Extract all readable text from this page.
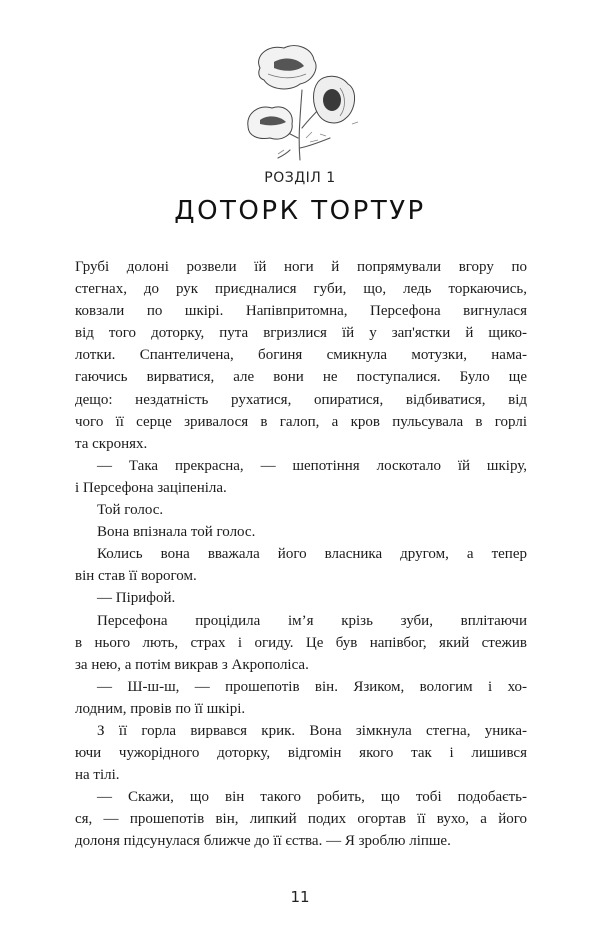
РОЗДІЛ 1
ДОТОРК ТОРТУР
Грубі долоні розвели їй ноги й попрямували вгору по
стегнах, до рук приєдналися губи, що, ледь торкаючись,
ковзали по шкірі. Напівпритомна, Персефона вигнулася
від того доторку, пута вгризлися їй у зап'ястки й щико-
лотки. Спантеличена, богиня смикнула мотузки, нама-
гаючись вирватися, але вони не поступалися. Було ще
дещо: нездатність рухатися, опиратися, відбиватися, від
чого її серце зривалося в галоп, а кров пульсувала в горлі
та скронях.
— Така прекрасна, — шепотіння лоскотало їй шкіру,
і Персефона заціпеніла.
Той голос.
Вона впізнала той голос.
Колись вона вважала його власника другом, а тепер
він став її ворогом.
— Пірифой.
Персефона процідила ім’я крізь зуби, вплітаючи
в нього лють, страх і огиду. Це був напівбог, який стежив
за нею, а потім викрав з Акрополіса.
— Ш-ш-ш, — прошепотів він. Язиком, вологим і хо-
лодним, провів по її шкірі.
З її горла вирвався крик. Вона зімкнула стегна, уника-
ючи чужорідного доторку, відгомін якого так і лишився
на тілі.
— Скажи, що він такого робить, що тобі подобаєть-
ся, — прошепотів він, липкий подих огортав її вухо, а його
долоня підсунулася ближче до її єства. — Я зроблю ліпше.
11
